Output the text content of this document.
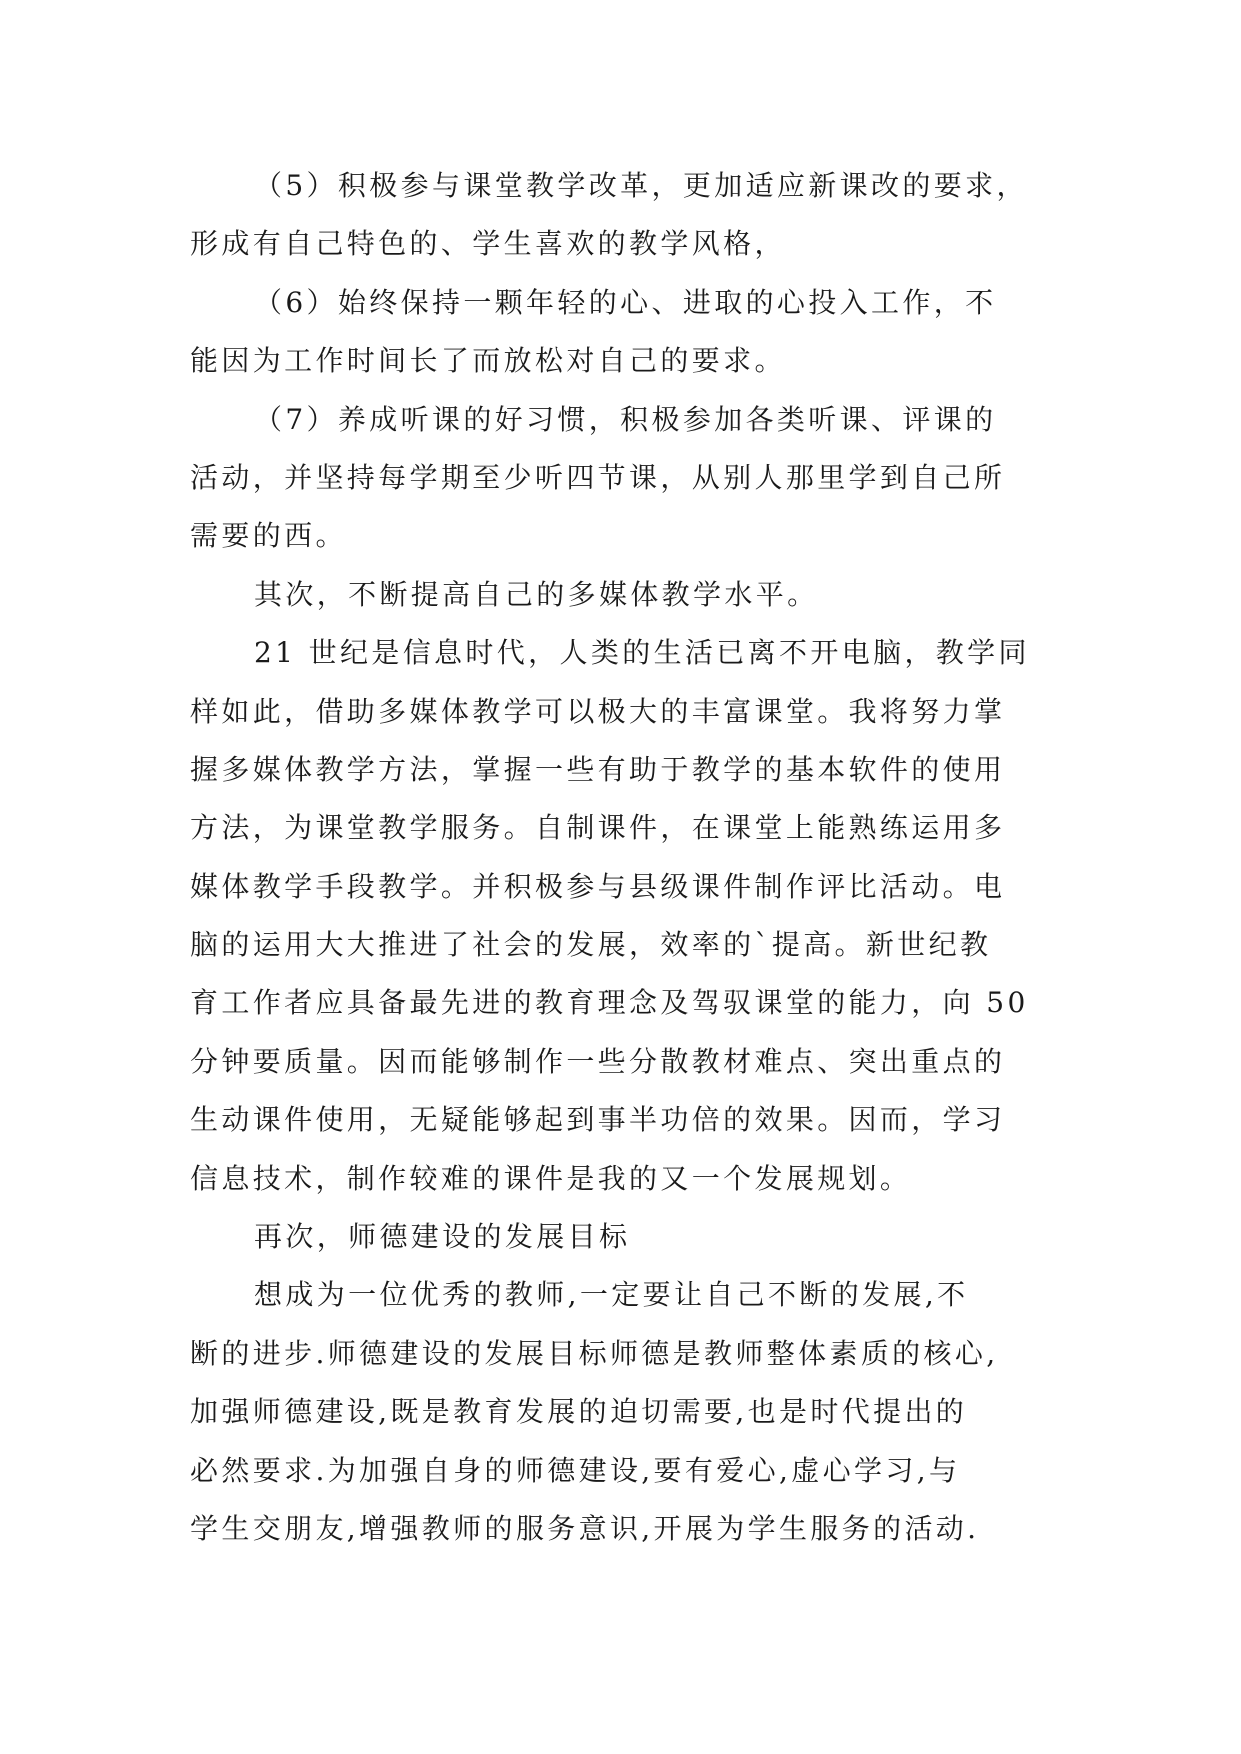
（5）积极参与课堂教学改革，更加适应新课改的要求，
形成有自己特色的、学生喜欢的教学风格，
（6）始终保持一颗年轻的心、进取的心投入工作，不
能因为工作时间长了而放松对自己的要求。
（7）养成听课的好习惯，积极参加各类听课、评课的
活动，并坚持每学期至少听四节课，从别人那里学到自己所
需要的西。
其次，不断提高自己的多媒体教学水平。
21 世纪是信息时代，人类的生活已离不开电脑，教学同
样如此，借助多媒体教学可以极大的丰富课堂。我将努力掌
握多媒体教学方法，掌握一些有助于教学的基本软件的使用
方法，为课堂教学服务。自制课件，在课堂上能熟练运用多
媒体教学手段教学。并积极参与县级课件制作评比活动。电
脑的运用大大推进了社会的发展，效率的`提高。新世纪教
育工作者应具备最先进的教育理念及驾驭课堂的能力，向 50
分钟要质量。因而能够制作一些分散教材难点、突出重点的
生动课件使用，无疑能够起到事半功倍的效果。因而，学习
信息技术，制作较难的课件是我的又一个发展规划。
再次，师德建设的发展目标
想成为一位优秀的教师,一定要让自己不断的发展,不
断的进步.师德建设的发展目标师德是教师整体素质的核心,
加强师德建设,既是教育发展的迫切需要,也是时代提出的
必然要求.为加强自身的师德建设,要有爱心,虚心学习,与
学生交朋友,增强教师的服务意识,开展为学生服务的活动.
